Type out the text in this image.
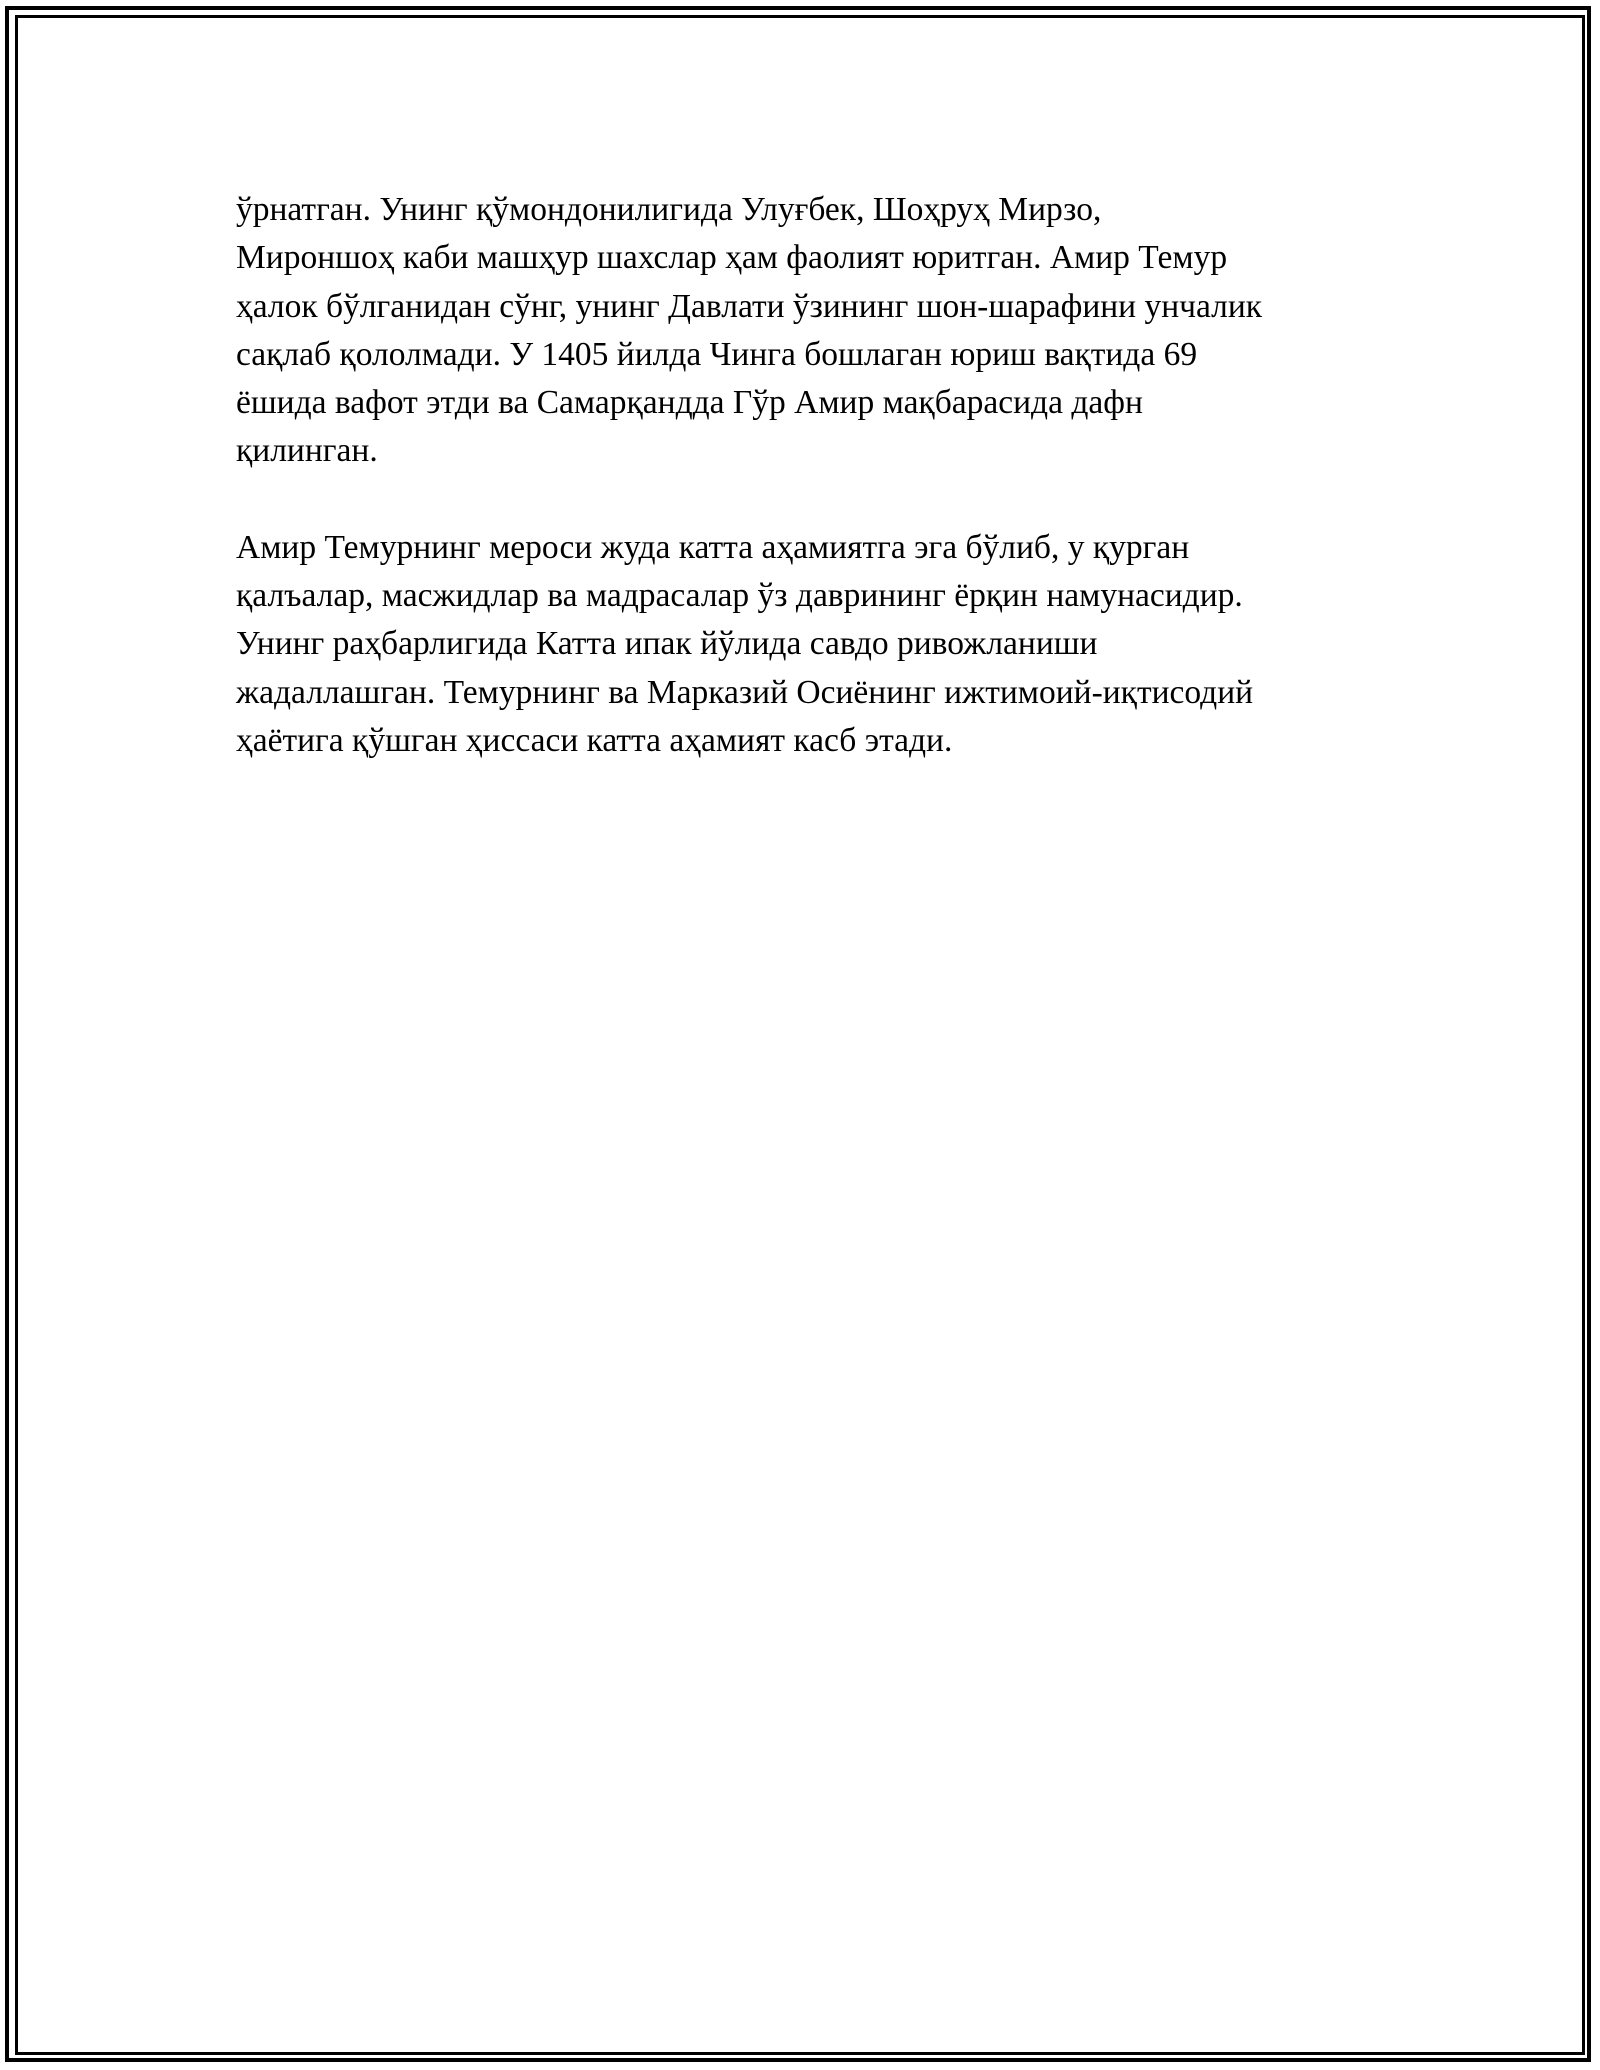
ўрнатган. Унинг қўмондонилигида Улуғбек, Шоҳруҳ Мирзо,
Мироншоҳ каби машҳур шахслар ҳам фаолият юритган. Амир Темур
ҳалок бўлганидан сўнг, унинг Давлати ўзининг шон-шарафини унчалик
сақлаб қололмади. У 1405 йилда Чинга бошлаган юриш вақтида 69
ёшида вафот этди ва Самарқандда Гўр Амир мақбарасида дафн
қилинган.

Амир Темурнинг мероси жуда катта аҳамиятга эга бўлиб, у қурган
қалъалар, масжидлар ва мадрасалар ўз даврининг ёрқин намунасидир.
Унинг раҳбарлигида Катта ипак йўлида савдо ривожланиши
жадаллашган. Темурнинг ва Марказий Осиёнинг ижтимоий-иқтисодий
ҳаётига қўшган ҳиссаси катта аҳамият касб этади.
